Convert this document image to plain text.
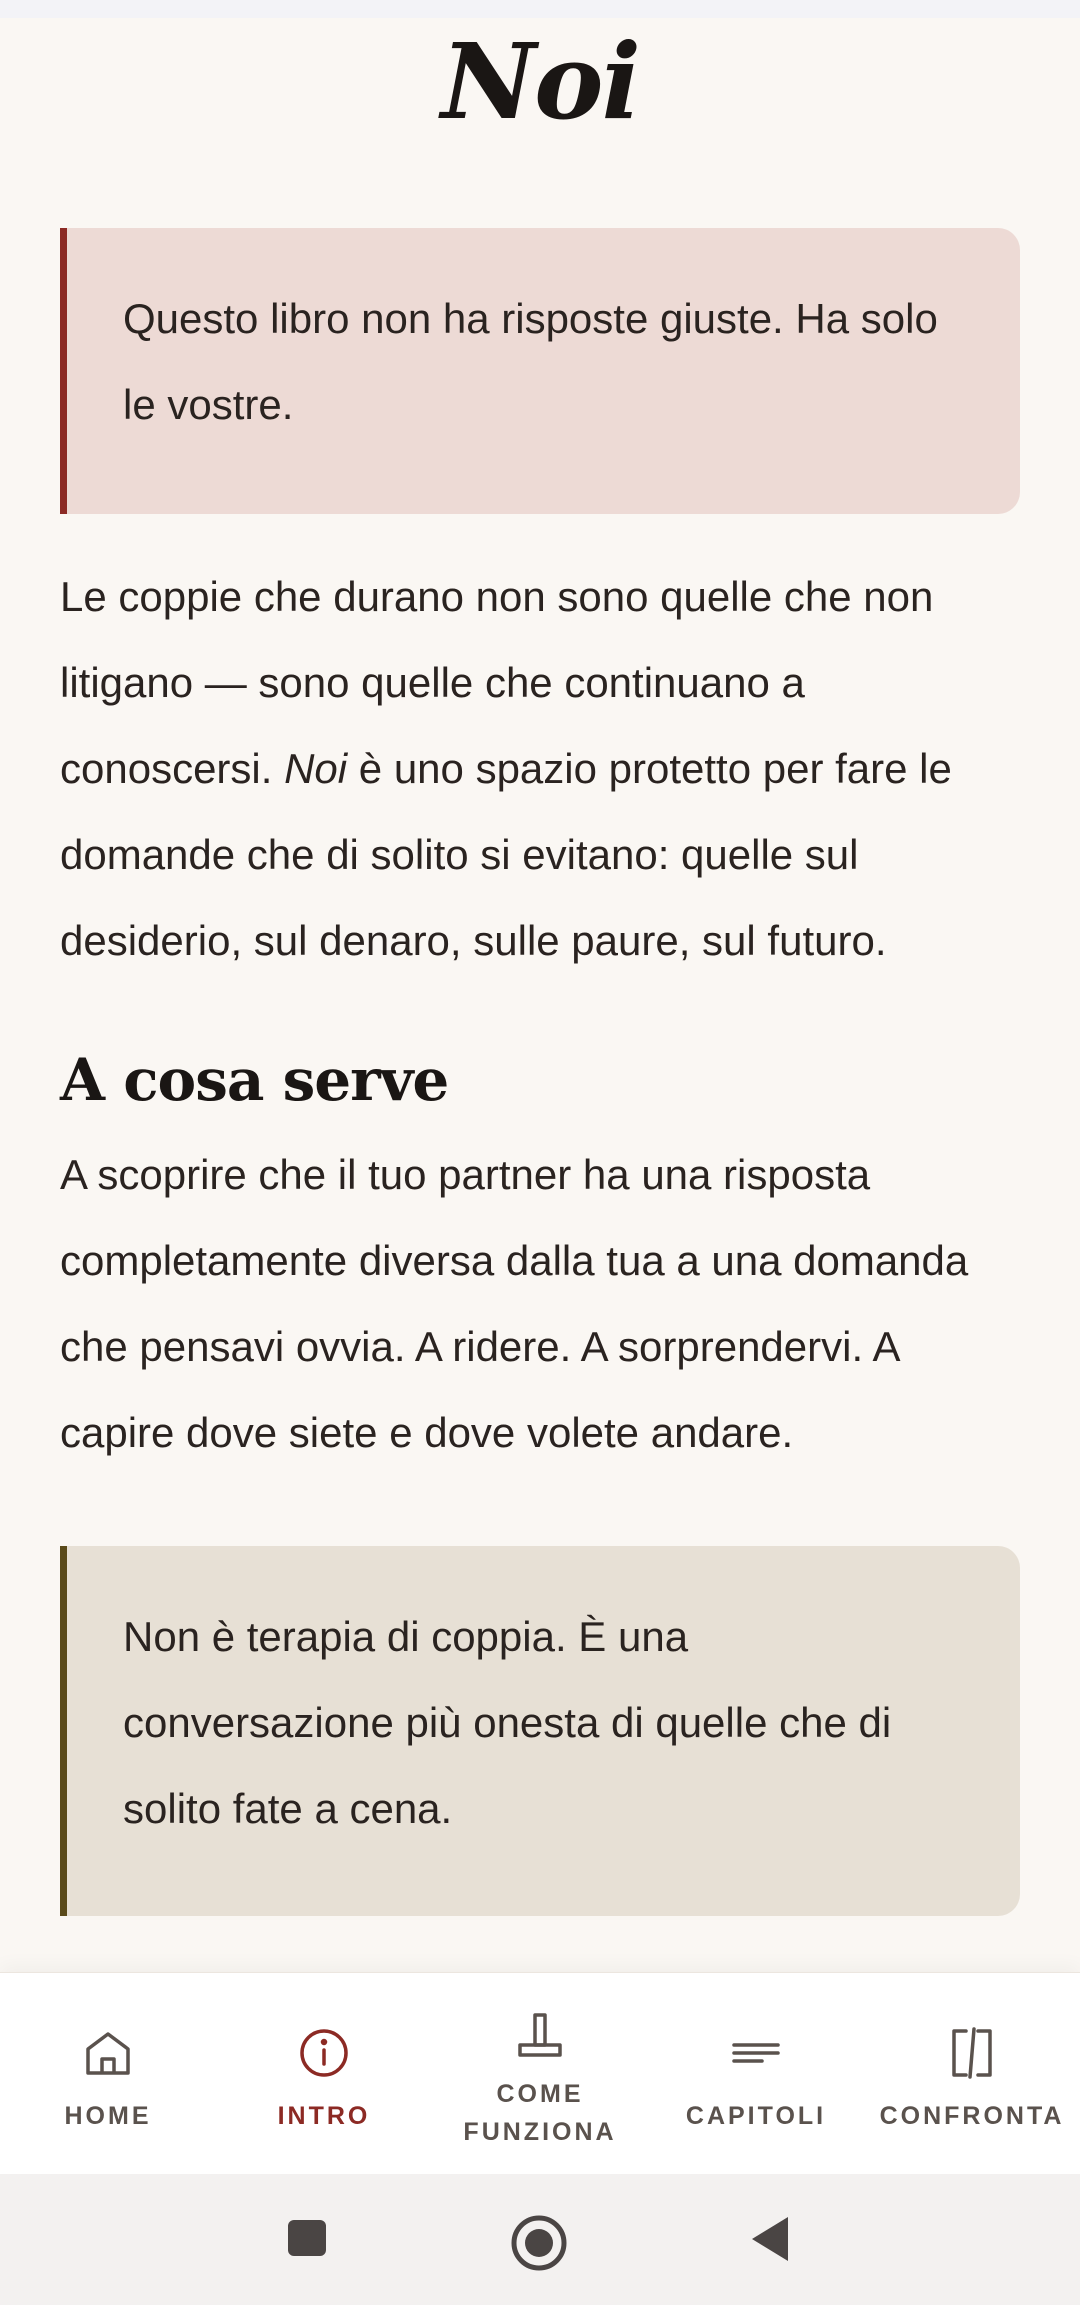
Noi

Questo libro non ha risposte giuste. Ha solo le vostre.

Le coppie che durano non sono quelle che non litigano — sono quelle che continuano a conoscersi. Noi è uno spazio protetto per fare le domande che di solito si evitano: quelle sul desiderio, sul denaro, sulle paure, sul futuro.

A cosa serve

A scoprire che il tuo partner ha una risposta completamente diversa dalla tua a una domanda che pensavi ovvia. A ridere. A sorprendervi. A capire dove siete e dove volete andare.

Non è terapia di coppia. È una conversazione più onesta di quelle che di solito fate a cena.

HOME	INTRO
COME
FUNZIONA
CAPITOLI CONFRONTA
